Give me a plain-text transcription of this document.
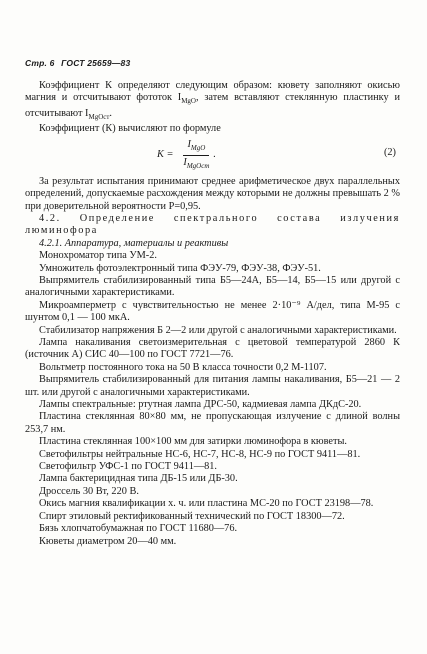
Стр. 6 ГОСТ 25659—83

Коэффициент К определяют следующим образом: кювету заполняют окисью магния и отсчитывают фототок $I_{MgO}$, затем вставляют стеклянную пластинку и отсчитывают $I_{MgOст}$.

Коэффициент (К) вычисляют по формуле

$K = \frac{I_{MgO}}{I_{MgOст}}$ .	(2)

За результат испытания принимают среднее арифметическое двух параллельных определений, допускаемые расхождения между которыми не должны превышать 2 % при доверительной вероятности P=0,95.

4.2. Определение спектрального состава излучения люминофора

4.2.1. Аппаратура, материалы и реактивы

Монохроматор типа УМ-2.

Умножитель фотоэлектронный типа ФЭУ-79, ФЭУ-38, ФЭУ-51.

Выпрямитель стабилизированный типа Б5—24А, Б5—14, Б5—15 или другой с аналогичными характеристиками.

Микроамперметр с чувствительностью не менее 2·10⁻⁹ А/дел, типа М-95 с шунтом 0,1 — 100 мкА.

Стабилизатор напряжения Б 2—2 или другой с аналогичными характеристиками.

Лампа накаливания светоизмерительная с цветовой температурой 2860 К (источник А) СИС 40—100 по ГОСТ 7721—76.

Вольтметр постоянного тока на 50 В класса точности 0,2 М-1107.

Выпрямитель стабилизированный для питания лампы накаливания, Б5—21 — 2 шт. или другой с аналогичными характеристиками.

Лампы спектральные: ртутная лампа ДРС-50, кадмиевая лампа ДКдС-20.

Пластина стеклянная 80×80 мм, не пропускающая излучение с длиной волны 253,7 нм.

Пластина стеклянная 100×100 мм для затирки люминофора в кюветы.

Светофильтры нейтральные НС-6, НС-7, НС-8, НС-9 по ГОСТ 9411—81.

Светофильтр УФС-1 по ГОСТ 9411—81.

Лампа бактерицидная типа ДБ-15 или ДБ-30.

Дроссель 30 Вт, 220 В.

Окись магния квалификации х. ч. или пластина МС-20 по ГОСТ 23198—78.

Спирт этиловый ректификованный технический по ГОСТ 18300—72.

Бязь хлопчатобумажная по ГОСТ 11680—76.

Кюветы диаметром 20—40 мм.
